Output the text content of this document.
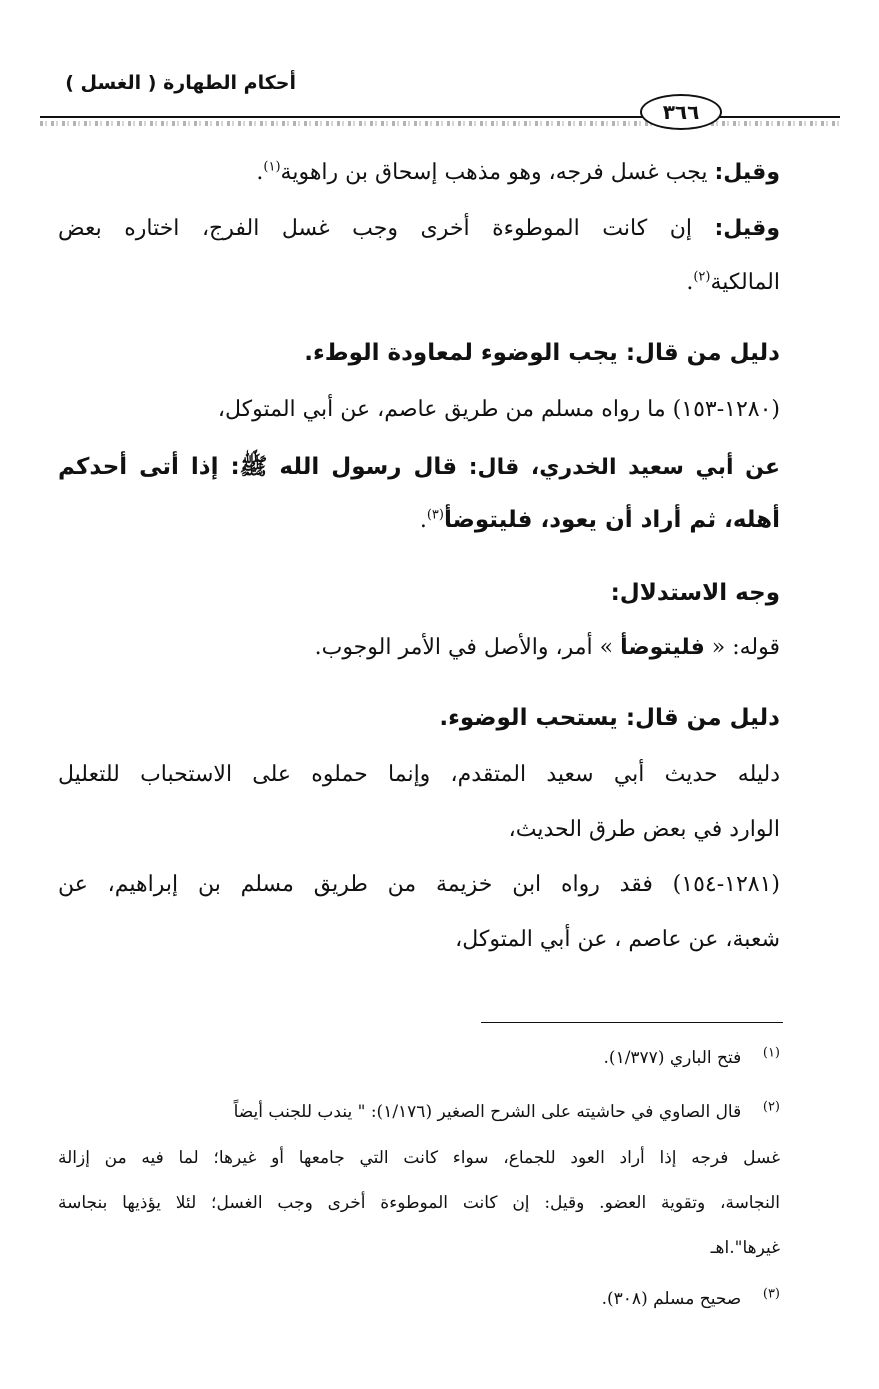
أحكام الطهارة ( الغسل )
٣٦٦
وقيل: يجب غسل فرجه، وهو مذهب إسحاق بن راهوية$^{(١)}$.
وقيل: إن كانت الموطوءة أخرى وجب غسل الفرج، اختاره بعض
المالكية$^{(٢)}$.
دليل من قال: يجب الوضوء لمعاودة الوطء.
(١٢٨٠-١٥٣) ما رواه مسلم من طريق عاصم، عن أبي المتوكل،
عن أبي سعيد الخدري، قال: قال رسول الله ﷺ: إذا أتى أحدكم
أهله، ثم أراد أن يعود، فليتوضأ$^{(٣)}$.
وجه الاستدلال:
قوله: « فليتوضأ » أمر، والأصل في الأمر الوجوب.
دليل من قال: يستحب الوضوء.
دليله حديث أبي سعيد المتقدم، وإنما حملوه على الاستحباب للتعليل
الوارد في بعض طرق الحديث،
(١٢٨١-١٥٤) فقد رواه ابن خزيمة من طريق مسلم بن إبراهيم، عن
شعبة، عن عاصم ، عن أبي المتوكل،
$^{(١)}$    فتح الباري (١/٣٧٧).
$^{(٢)}$    قال الصاوي في حاشيته على الشرح الصغير (١/١٧٦): " يندب للجنب أيضاً
غسل فرجه إذا أراد العود للجماع، سواء كانت التي جامعها أو غيرها؛ لما فيه من إزالة
النجاسة، وتقوية العضو. وقيل: إن كانت الموطوءة أخرى وجب الغسل؛ لئلا يؤذيها بنجاسة
غيرها".اهـ
$^{(٣)}$    صحيح مسلم (٣٠٨).
